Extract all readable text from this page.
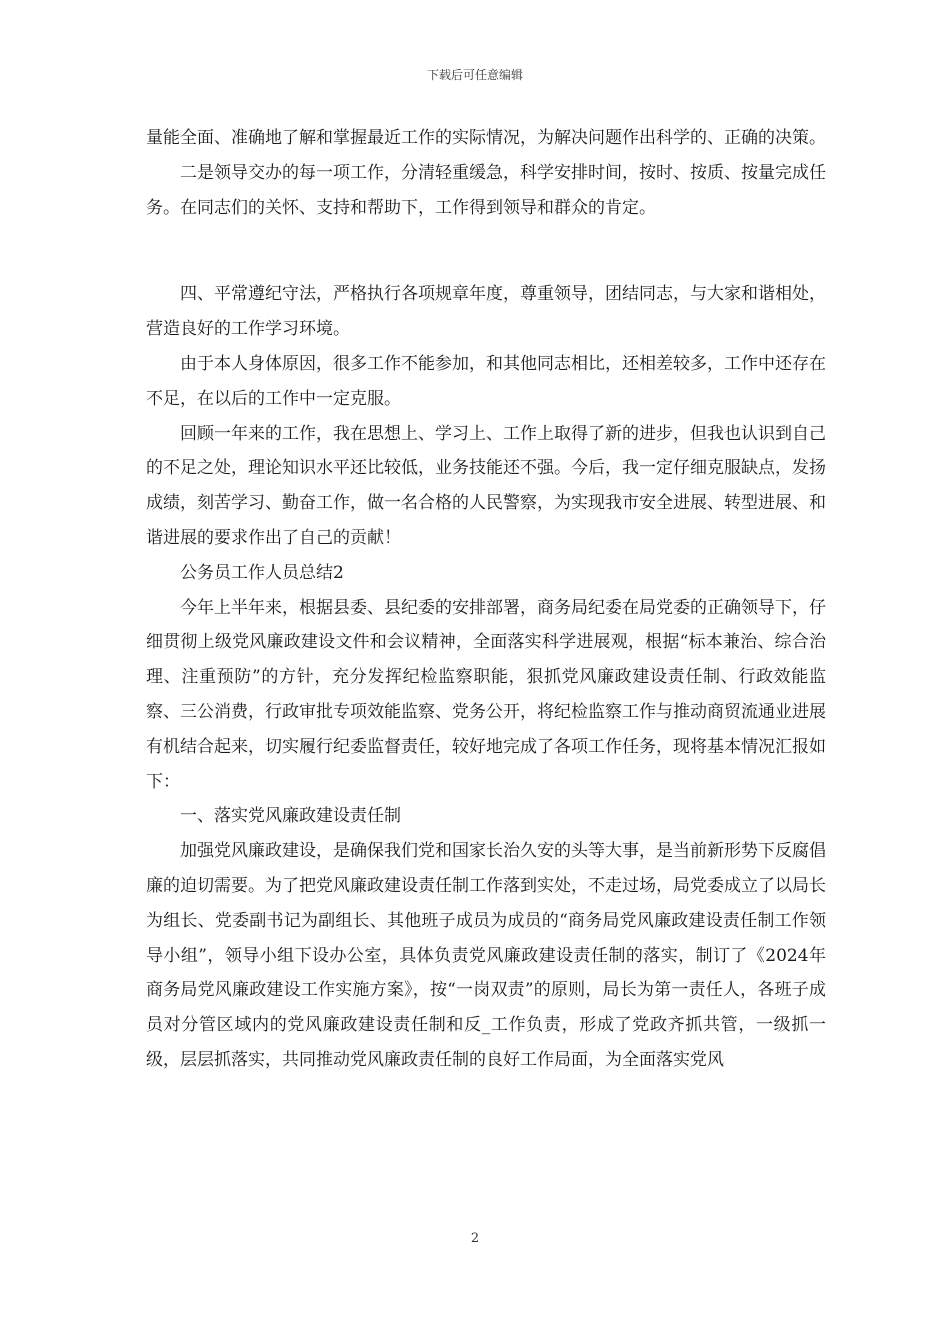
下载后可任意编辑

量能全面、准确地了解和掌握最近工作的实际情况，为解决问题作出科学的、正确的决策。

二是领导交办的每一项工作，分清轻重缓急，科学安排时间，按时、按质、按量完成任务。在同志们的关怀、支持和帮助下，工作得到领导和群众的肯定。

四、平常遵纪守法，严格执行各项规章年度，尊重领导，团结同志，与大家和谐相处，营造良好的工作学习环境。

由于本人身体原因，很多工作不能参加，和其他同志相比，还相差较多，工作中还存在不足，在以后的工作中一定克服。

回顾一年来的工作，我在思想上、学习上、工作上取得了新的进步，但我也认识到自己的不足之处，理论知识水平还比较低，业务技能还不强。今后，我一定仔细克服缺点，发扬成绩，刻苦学习、勤奋工作，做一名合格的人民警察，为实现我市安全进展、转型进展、和谐进展的要求作出了自己的贡献！

公务员工作人员总结2

今年上半年来，根据县委、县纪委的安排部署，商务局纪委在局党委的正确领导下，仔细贯彻上级党风廉政建设文件和会议精神，全面落实科学进展观，根据“标本兼治、综合治理、注重预防”的方针，充分发挥纪检监察职能，狠抓党风廉政建设责任制、行政效能监察、三公消费，行政审批专项效能监察、党务公开，将纪检监察工作与推动商贸流通业进展有机结合起来，切实履行纪委监督责任，较好地完成了各项工作任务，现将基本情况汇报如下：

一、落实党风廉政建设责任制

加强党风廉政建设，是确保我们党和国家长治久安的头等大事，是当前新形势下反腐倡廉的迫切需要。为了把党风廉政建设责任制工作落到实处，不走过场，局党委成立了以局长为组长、党委副书记为副组长、其他班子成员为成员的“商务局党风廉政建设责任制工作领导小组”，领导小组下设办公室，具体负责党风廉政建设责任制的落实，制订了《2024年商务局党风廉政建设工作实施方案》，按“一岗双责”的原则，局长为第一责任人，各班子成员对分管区域内的党风廉政建设责任制和反_工作负责，形成了党政齐抓共管，一级抓一级，层层抓落实，共同推动党风廉政责任制的良好工作局面，为全面落实党风

2
